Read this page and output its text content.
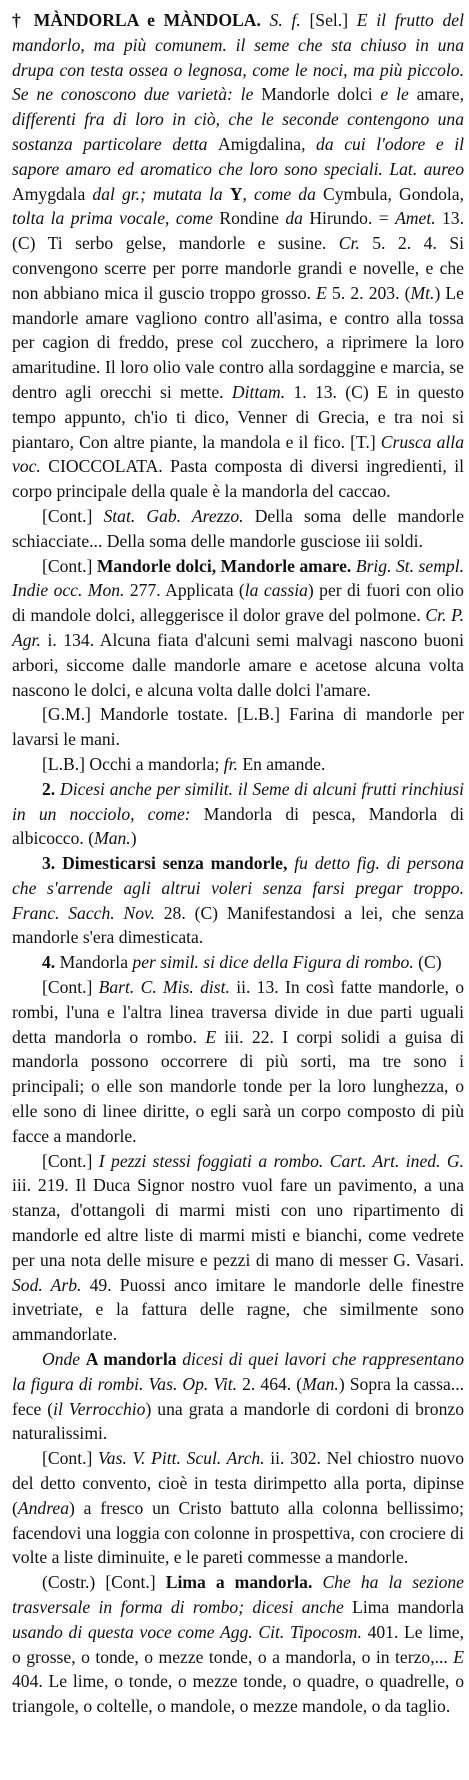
† MÀNDORLA e MÀNDOLA. S. f. [Sel.] E il frutto del mandorlo, ma più comunem. il seme che sta chiuso in una drupa con testa ossea o legnosa, come le noci, ma più piccolo. Se ne conoscono due varietà: le Mandorle dolci e le amare, differenti fra di loro in ciò, che le seconde contengono una sostanza particolare detta Amigdalina, da cui l'odore e il sapore amaro ed aromatico che loro sono speciali. Lat. aureo Amygdala dal gr.; mutata la Y, come da Cymbula, Gondola, tolta la prima vocale, come Rondine da Hirundo. = Amet. 13. (C) Ti serbo gelse, mandorle e susine. Cr. 5. 2. 4. Si convengono scerre per porre mandorle grandi e novelle, e che non abbiano mica il guscio troppo grosso. E 5. 2. 203. (Mt.) Le mandorle amare vagliono contro all'asima, e contro alla tossa per cagion di freddo, prese col zucchero, a riprimere la loro amaritudine. Il loro olio vale contro alla sordaggine e marcia, se dentro agli orecchi si mette. Dittam. 1. 13. (C) E in questo tempo appunto, ch'io ti dico, Venner di Grecia, e tra noi si piantaro, Con altre piante, la mandola e il fico. [T.] Crusca alla voc. CIOCCOLATA. Pasta composta di diversi ingredienti, il corpo principale della quale è la mandorla del caccao.

[Cont.] Stat. Gab. Arezzo. Della soma delle mandorle schiacciate... Della soma delle mandorle gusciose iii soldi.

[Cont.] Mandorle dolci, Mandorle amare. Brig. St. sempl. Indie occ. Mon. 277. Applicata (la cassia) per di fuori con olio di mandole dolci, alleggerisce il dolor grave del polmone. Cr. P. Agr. i. 134. Alcuna fiata d'alcuni semi malvagi nascono buoni arbori, siccome dalle mandorle amare e acetose alcuna volta nascono le dolci, e alcuna volta dalle dolci l'amare.

[G.M.] Mandorle tostate. [L.B.] Farina di mandorle per lavarsi le mani.

[L.B.] Occhi a mandorla; fr. En amande.

2. Dicesi anche per similit. il Seme di alcuni frutti rinchiusi in un nocciolo, come: Mandorla di pesca, Mandorla di albicocco. (Man.)

3. Dimesticarsi senza mandorle, fu detto fig. di persona che s'arrende agli altrui voleri senza farsi pregar troppo. Franc. Sacch. Nov. 28. (C) Manifestandosi a lei, che senza mandorle s'era dimesticata.

4. Mandorla per simil. si dice della Figura di rombo. (C)

[Cont.] Bart. C. Mis. dist. ii. 13. In così fatte mandorle, o rombi, l'una e l'altra linea traversa divide in due parti uguali detta mandorla o rombo. E iii. 22. I corpi solidi a guisa di mandorla possono occorrere di più sorti, ma tre sono i principali; o elle son mandorle tonde per la loro lunghezza, o elle sono di linee diritte, o egli sarà un corpo composto di più facce a mandorle.

[Cont.] I pezzi stessi foggiati a rombo. Cart. Art. ined. G. iii. 219. Il Duca Signor nostro vuol fare un pavimento, a una stanza, d'ottangoli di marmi misti con uno ripartimento di mandorle ed altre liste di marmi misti e bianchi, come vedrete per una nota delle misure e pezzi di mano di messer G. Vasari. Sod. Arb. 49. Puossi anco imitare le mandorle delle finestre invetriate, e la fattura delle ragne, che similmente sono ammandorlate.

Onde A mandorla dicesi di quei lavori che rappresentano la figura di rombi. Vas. Op. Vit. 2. 464. (Man.) Sopra la cassa... fece (il Verrocchio) una grata a mandorle di cordoni di bronzo naturalissimi.

[Cont.] Vas. V. Pitt. Scul. Arch. ii. 302. Nel chiostro nuovo del detto convento, cioè in testa dirimpetto alla porta, dipinse (Andrea) a fresco un Cristo battuto alla colonna bellissimo; facendovi una loggia con colonne in prospettiva, con crociere di volte a liste diminuite, e le pareti commesse a mandorle.

(Costr.) [Cont.] Lima a mandorla. Che ha la sezione trasversale in forma di rombo; dicesi anche Lima mandorla usando di questa voce come Agg. Cit. Tipocosm. 401. Le lime, o grosse, o tonde, o mezze tonde, o a mandorla, o in terzo,... E 404. Le lime, o tonde, o mezze tonde, o quadre, o quadrelle, o triangole, o coltelle, o mandole, o mezze mandole, o da taglio.
